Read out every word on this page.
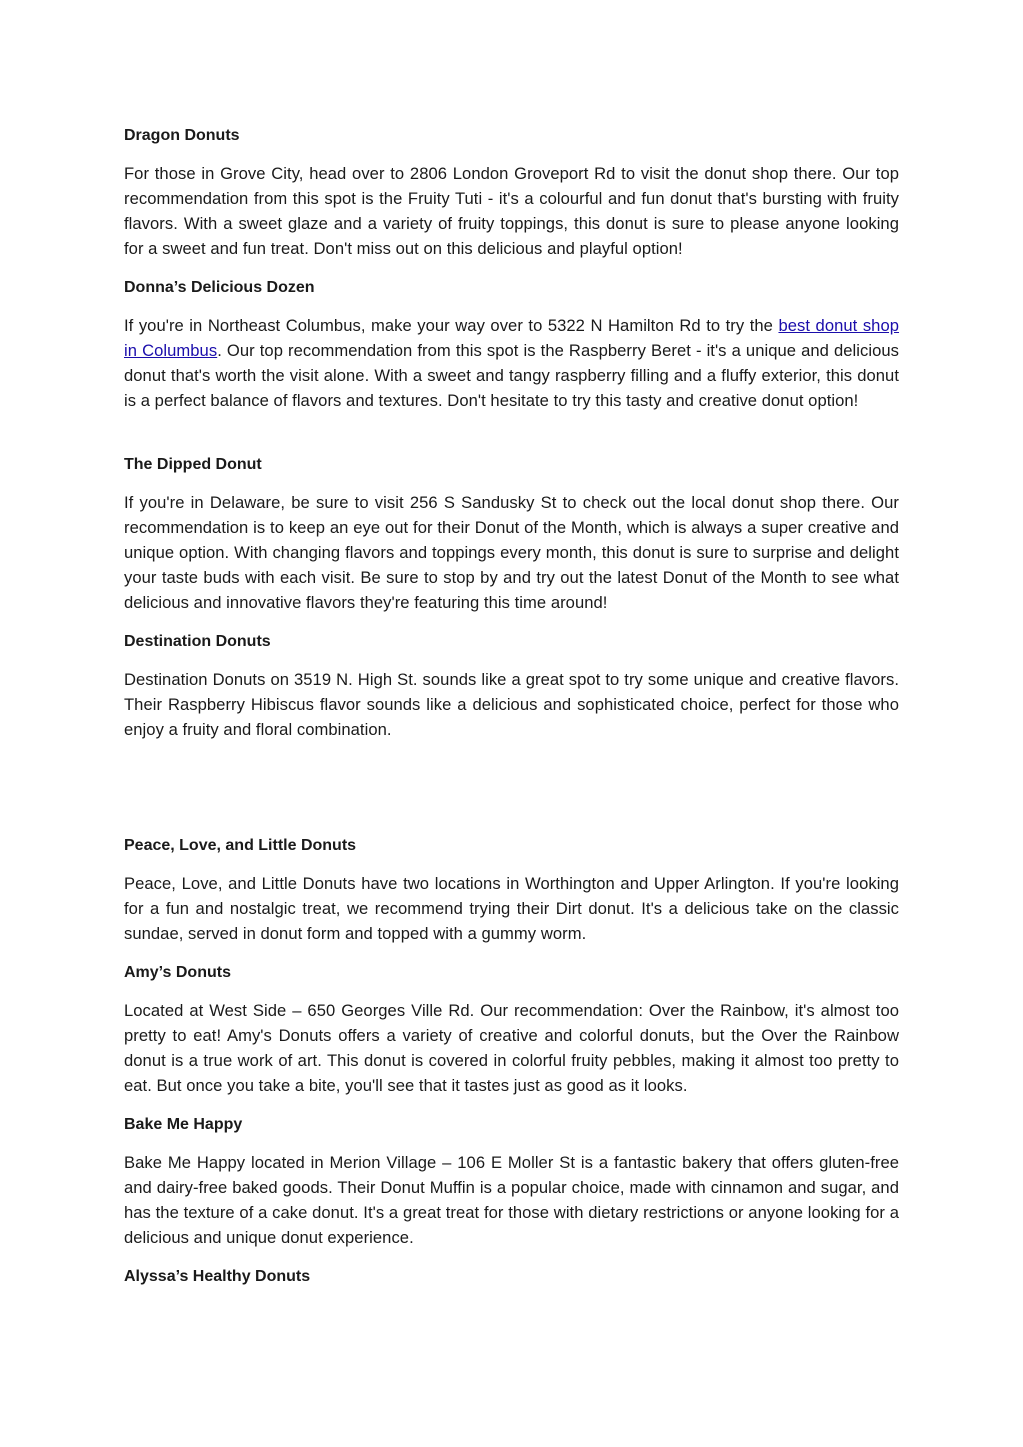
Dragon Donuts

For those in Grove City, head over to 2806 London Groveport Rd to visit the donut shop there. Our top recommendation from this spot is the Fruity Tuti - it's a colourful and fun donut that's bursting with fruity flavors. With a sweet glaze and a variety of fruity toppings, this donut is sure to please anyone looking for a sweet and fun treat. Don't miss out on this delicious and playful option!

Donna’s Delicious Dozen

If you're in Northeast Columbus, make your way over to 5322 N Hamilton Rd to try the best donut shop in Columbus. Our top recommendation from this spot is the Raspberry Beret - it's a unique and delicious donut that's worth the visit alone. With a sweet and tangy raspberry filling and a fluffy exterior, this donut is a perfect balance of flavors and textures. Don't hesitate to try this tasty and creative donut option!

The Dipped Donut

If you're in Delaware, be sure to visit 256 S Sandusky St to check out the local donut shop there. Our recommendation is to keep an eye out for their Donut of the Month, which is always a super creative and unique option. With changing flavors and toppings every month, this donut is sure to surprise and delight your taste buds with each visit. Be sure to stop by and try out the latest Donut of the Month to see what delicious and innovative flavors they're featuring this time around!

Destination Donuts

Destination Donuts on 3519 N. High St. sounds like a great spot to try some unique and creative flavors. Their Raspberry Hibiscus flavor sounds like a delicious and sophisticated choice, perfect for those who enjoy a fruity and floral combination.

Peace, Love, and Little Donuts

Peace, Love, and Little Donuts have two locations in Worthington and Upper Arlington. If you're looking for a fun and nostalgic treat, we recommend trying their Dirt donut. It's a delicious take on the classic sundae, served in donut form and topped with a gummy worm.

Amy’s Donuts

Located at West Side – 650 Georges Ville Rd. Our recommendation: Over the Rainbow, it's almost too pretty to eat! Amy's Donuts offers a variety of creative and colorful donuts, but the Over the Rainbow donut is a true work of art. This donut is covered in colorful fruity pebbles, making it almost too pretty to eat. But once you take a bite, you'll see that it tastes just as good as it looks.

Bake Me Happy

Bake Me Happy located in Merion Village – 106 E Moller St is a fantastic bakery that offers gluten-free and dairy-free baked goods. Their Donut Muffin is a popular choice, made with cinnamon and sugar, and has the texture of a cake donut. It's a great treat for those with dietary restrictions or anyone looking for a delicious and unique donut experience.

Alyssa’s Healthy Donuts
